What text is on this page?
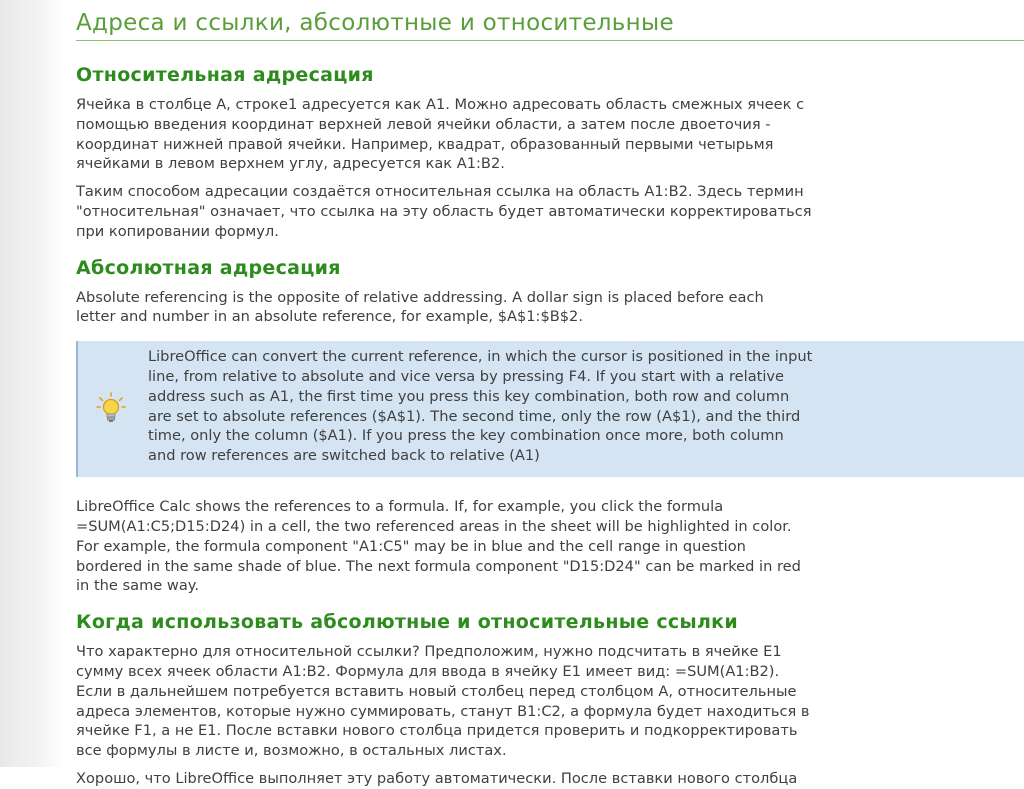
Адреса и ссылки, абсолютные и относительные
Относительная адресация

Ячейка в столбце A, строке1 адресуется как A1. Можно адресовать область смежных ячеек с
помощью введения координат верхней левой ячейки области, а затем после двоеточия -
координат нижней правой ячейки. Например, квадрат, образованный первыми четырьмя
ячейками в левом верхнем углу, адресуется как A1:B2.

Таким способом адресации создаётся относительная ссылка на область A1:B2. Здесь термин
"относительная" означает, что ссылка на эту область будет автоматически корректироваться
при копировании формул.

Абсолютная адресация

Absolute referencing is the opposite of relative addressing. A dollar sign is placed before each
letter and number in an absolute reference, for example, $A$1:$B$2.

LibreOffice can convert the current reference, in which the cursor is positioned in the input
line, from relative to absolute and vice versa by pressing F4. If you start with a relative
address such as A1, the first time you press this key combination, both row and column
are set to absolute references ($A$1). The second time, only the row (A$1), and the third
time, only the column ($A1). If you press the key combination once more, both column
and row references are switched back to relative (A1)

LibreOffice Calc shows the references to a formula. If, for example, you click the formula
=SUM(A1:C5;D15:D24) in a cell, the two referenced areas in the sheet will be highlighted in color.
For example, the formula component "A1:C5" may be in blue and the cell range in question
bordered in the same shade of blue. The next formula component "D15:D24" can be marked in red
in the same way.

Когда использовать абсолютные и относительные ссылки

Что характерно для относительной ссылки? Предположим, нужно подсчитать в ячейке E1
сумму всех ячеек области A1:B2. Формула для ввода в ячейку E1 имеет вид: =SUM(A1:B2).
Если в дальнейшем потребуется вставить новый столбец перед столбцом A, относительные
адреса элементов, которые нужно суммировать, станут B1:C2, а формула будет находиться в
ячейке F1, а не E1. После вставки нового столбца придется проверить и подкорректировать
все формулы в листе и, возможно, в остальных листах.

Хорошо, что LibreOffice выполняет эту работу автоматически. После вставки нового столбца
